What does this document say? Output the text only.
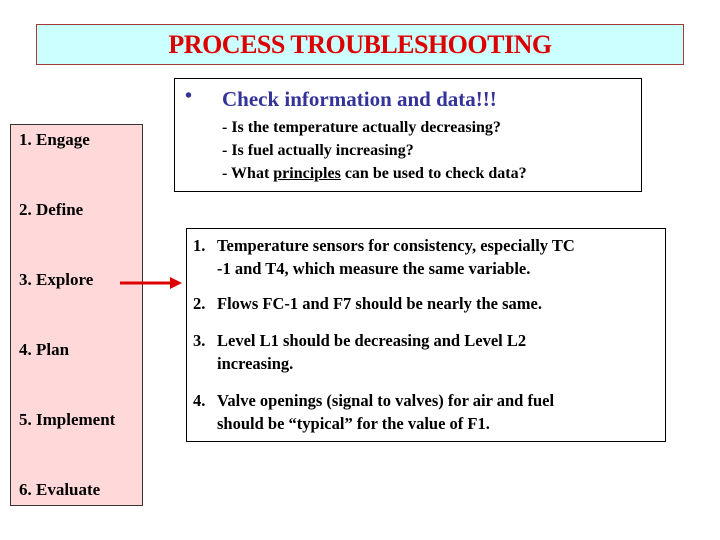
PROCESS TROUBLESHOOTING
1. Engage
2. Define
3. Explore
4. Plan
5. Implement
6. Evaluate
• Check information and data!!!
- Is the temperature actually decreasing?
- Is fuel actually increasing?
- What principles can be used to check data?
1. Temperature sensors for consistency, especially TC
-1 and T4, which measure the same variable.
2. Flows FC-1 and F7 should be nearly the same.
3. Level L1 should be decreasing and Level L2
increasing.
4. Valve openings (signal to valves) for air and fuel
should be “typical” for the value of F1.
